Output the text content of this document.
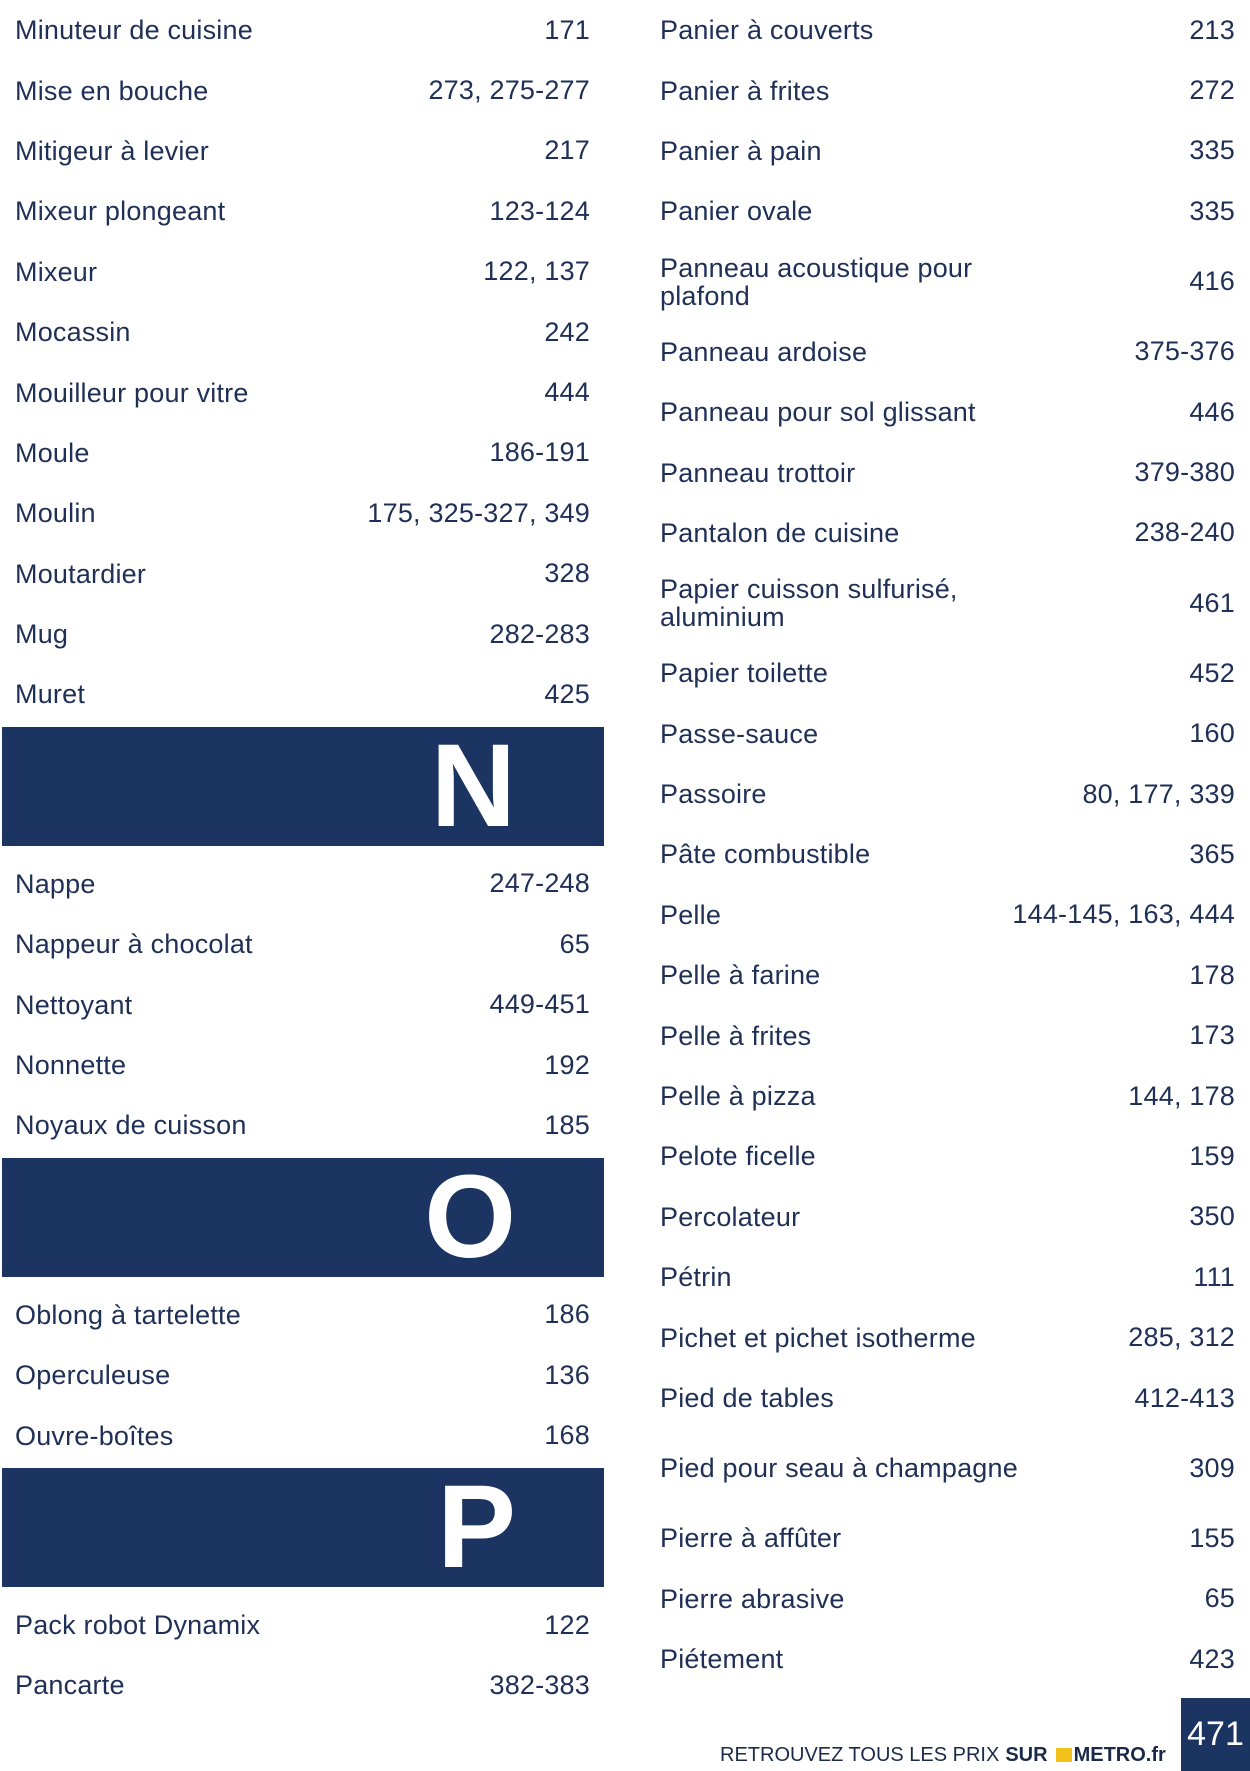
Minuteur de cuisine	171
Mise en bouche	273, 275-277
Mitigeur à levier	217
Mixeur plongeant	123-124
Mixeur	122, 137
Mocassin	242
Mouilleur pour vitre	444
Moule	186-191
Moulin	175, 325-327, 349
Moutardier	328
Mug	282-283
Muret	425
N
Nappe	247-248
Nappeur à chocolat	65
Nettoyant	449-451
Nonnette	192
Noyaux de cuisson	185
O
Oblong à tartelette	186
Operculeuse	136
Ouvre-boîtes	168
P
Pack robot Dynamix	122
Pancarte	382-383
Panier à couverts	213
Panier à frites	272
Panier à pain	335
Panier ovale	335
Panneau acoustique pour plafond	416
Panneau ardoise	375-376
Panneau pour sol glissant	446
Panneau trottoir	379-380
Pantalon de cuisine	238-240
Papier cuisson sulfurisé, aluminium	461
Papier toilette	452
Passe-sauce	160
Passoire	80, 177, 339
Pâte combustible	365
Pelle	144-145, 163, 444
Pelle à farine	178
Pelle à frites	173
Pelle à pizza	144, 178
Pelote ficelle	159
Percolateur	350
Pétrin	111
Pichet et pichet isotherme	285, 312
Pied de tables	412-413
Pied pour seau à champagne	309
Pierre à affûter	155
Pierre abrasive	65
Piétement	423
RETROUVEZ TOUS LES PRIX SUR METRO.fr
471
